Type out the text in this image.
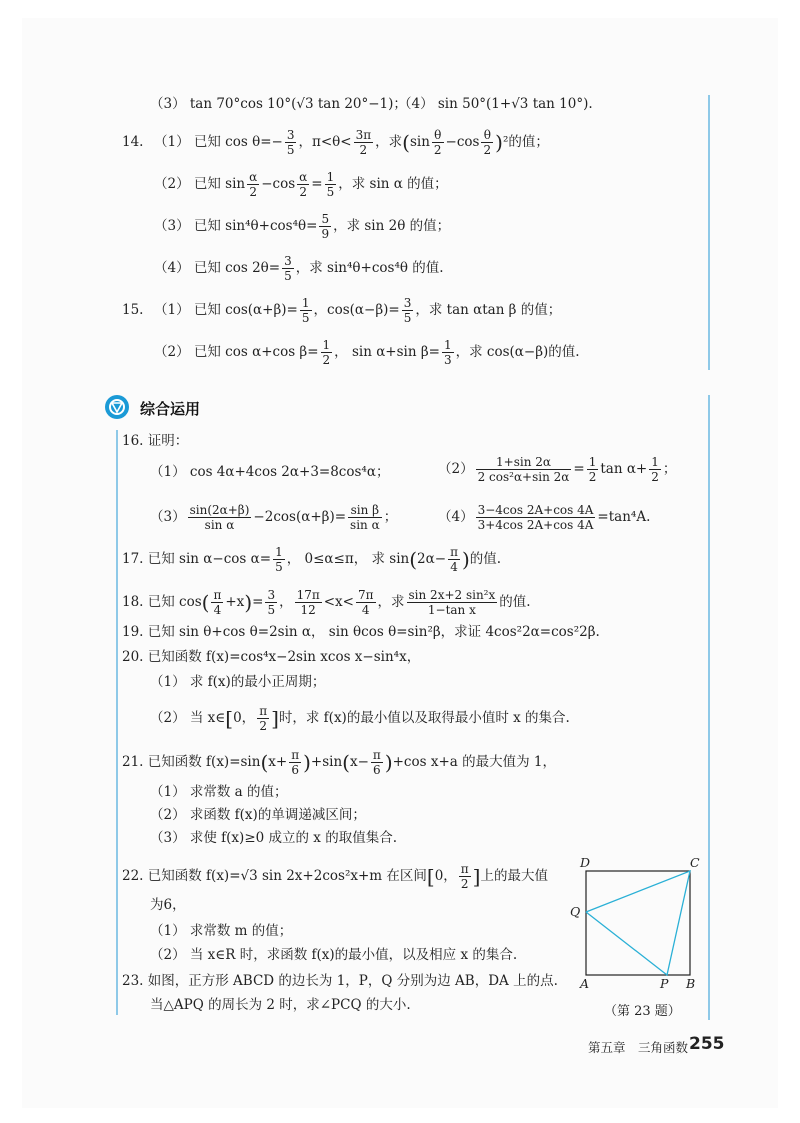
（3） tan 70°cos 10°(√3 tan 20°−1)；
（4） sin 50°(1+√3 tan 10°).
14. （1） 已知 $\cos \theta=- \frac{3}{5}$ ，$\pi<\theta< \frac{3\pi}{2}$ ，求$(\sin \frac{\theta}{2} -\cos \frac{\theta}{2} )^2$的值；
（2） 已知 $\sin \frac{\alpha}{2} -\cos \frac{\alpha}{2} = \frac{1}{5}$ ，求 sin α 的值；
（3） 已知 $\sin^4\theta+\cos^4\theta= \frac{5}{9}$ ，求 sin 2θ 的值；
（4） 已知 $\cos 2\theta= \frac{3}{5}$ ，求 sin⁴θ+cos⁴θ 的值.
15. （1） 已知 $\cos(\alpha+\beta)= \frac{1}{5}$ ，$\cos(\alpha-\beta)= \frac{3}{5}$ ，求 tan αtan β 的值；
（2） 已知 cos α+cos $\beta= \frac{1}{2}$ ， sin α+sin $\beta= \frac{1}{3}$ ，求 cos(α−β)的值.
综合运用
16. 证明：
（1） cos 4α+4cos 2α+3=8cos⁴α；	$(2) \frac{1+\sin 2\alpha}{\text{2 cos²α+sin 2α}} = \frac{1}{2}$ $\tan \alpha+ \frac{1}{2}$ ；
$(3) \frac{\sin(2\alpha+\beta)}{\text{sin α}} -2\cos(\alpha+\beta)= \frac{\text{sin β}}{\text{sin α}}$ ；	$(4) \frac{3-4\cos 2A+\cos 4A}{3+4\cos 2A+\cos 4A} =\tan^4A$.
17. 已知 sin α−cos $\alpha= \frac{1}{5}$ ， 0≤α≤π， 求 $\sin(2\alpha- \frac{\pi}{4}$ )的值.
18. 已知 $\cos( \frac{\pi}{4} +x)= \frac{3}{5}$ ， $\frac{17\pi}{12} <x< \frac{7\pi}{4}$ ，求 $\frac{\text{sin 2x+2 sin²x}}{\text{1−tan x}}$ 的值.
19. 已知 sin θ+cos θ=2sin α， sin θcos θ=sin²β，求证 4cos²2α=cos²2β.
20. 已知函数 f(x)=cos⁴x−2sin xcos x−sin⁴x，
（1） 求 f(x)的最小正周期；
（2） 当 x∈[0， $\frac{\pi}{2}$ ]时，求 f(x)的最小值以及取得最小值时 x 的集合.
21. 已知函数 $f(x)=\sin(x+ \frac{\pi}{6} )+\sin(x- \frac{\pi}{6} )+\cos$ x+a 的最大值为 1，
（1） 求常数 a 的值；
（2） 求函数 f(x)的单调递减区间；
（3） 求使 f(x)≥0 成立的 x 的取值集合.
22. 已知函数 f(x)=√3 sin 2x+2cos²x+m 在区间[0， $\frac{\pi}{2}$ ]上的最大值
为6，
（1） 求常数 m 的值；
（2） 当 x∈R 时，求函数 f(x)的最小值，以及相应 x 的集合.
23. 如图，正方形 ABCD 的边长为 1，P，Q 分别为边 AB，DA 上的点.
当△APQ 的周长为 2 时，求∠PCQ 的大小.
D	C
Q
A	P B
（第 23 题）
第五章　三角函数 255
